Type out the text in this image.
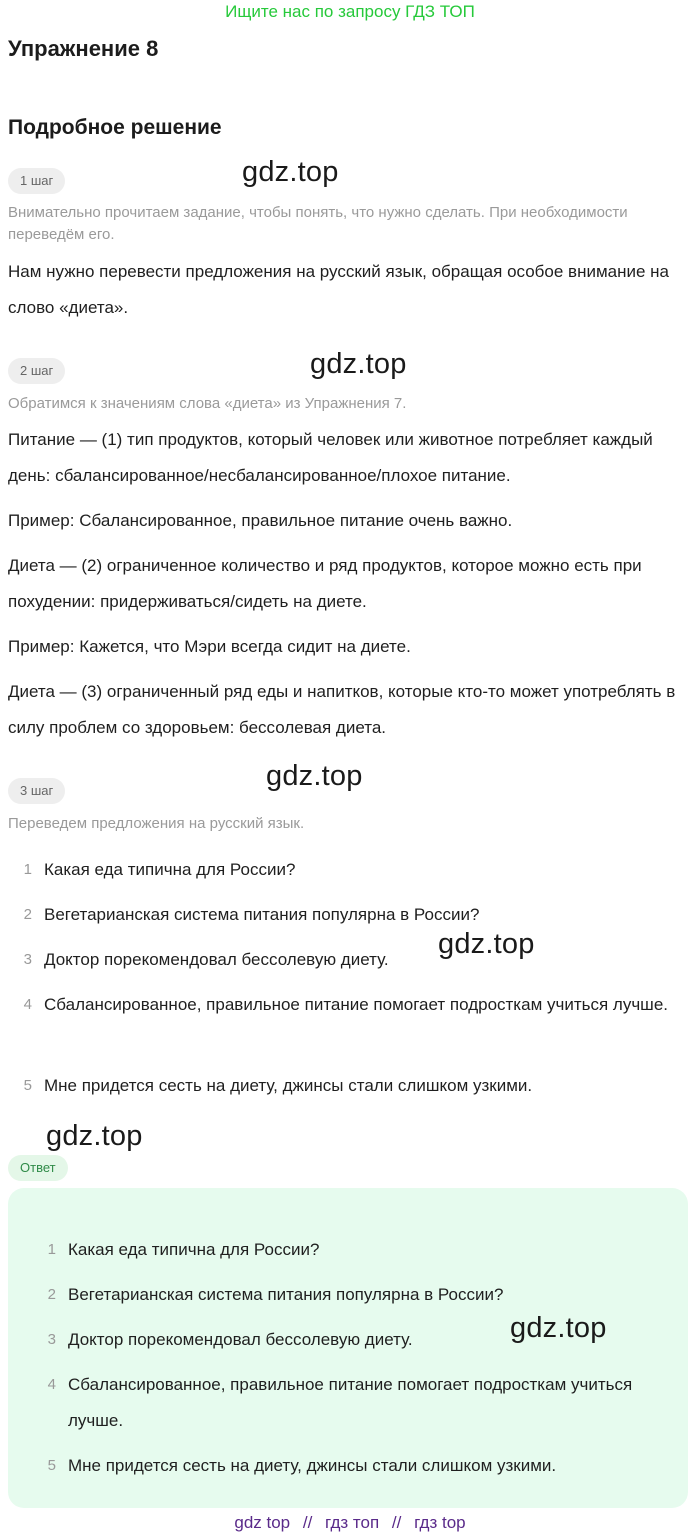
Ищите нас по запросу ГДЗ ТОП
Упражнение 8
Подробное решение
1 шаг	gdz.top
Внимательно прочитаем задание, чтобы понять, что нужно сделать. При необходимости переведём его.
Нам нужно перевести предложения на русский язык, обращая особое внимание на слово «диета».
2 шаг	gdz.top
Обратимся к значениям слова «диета» из Упражнения 7.
Питание — (1) тип продуктов, который человек или животное потребляет каждый день: сбалансированное/несбалансированное/плохое питание.
Пример: Сбалансированное, правильное питание очень важно.
Диета — (2) ограниченное количество и ряд продуктов, которое можно есть при похудении: придерживаться/сидеть на диете.
Пример: Кажется, что Мэри всегда сидит на диете.
Диета — (3) ограниченный ряд еды и напитков, которые кто-то может употреблять в силу проблем со здоровьем: бессолевая диета.
3 шаг	gdz.top
Переведем предложения на русский язык.
1 Какая еда типична для России?
2 Вегетарианская система питания популярна в России?
3 Доктор порекомендовал бессолевую диету.
4 Сбалансированное, правильное питание помогает подросткам учиться лучше.
5 Мне придется сесть на диету, джинсы стали слишком узкими.
gdz.top
gdz.top
Ответ
1 Какая еда типична для России?
2 Вегетарианская система питания популярна в России?
3 Доктор порекомендовал бессолевую диету.
4 Сбалансированное, правильное питание помогает подросткам учиться лучше.
5 Мне придется сесть на диету, джинсы стали слишком узкими.
gdz.top
gdz top // гдз топ // гдз top
